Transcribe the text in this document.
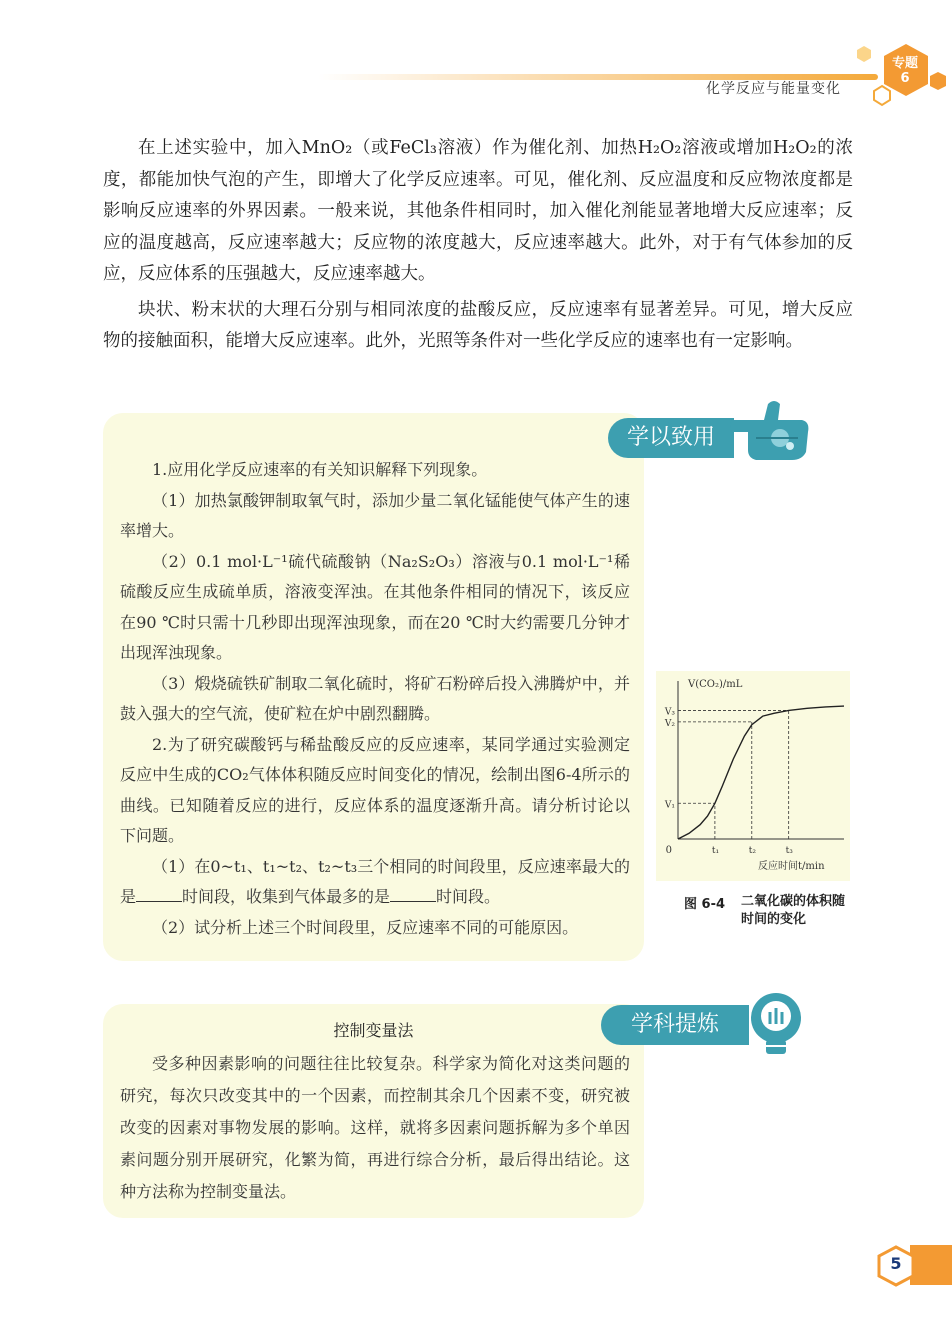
化学反应与能量变化
专题
6

在上述实验中，加入MnO₂（或FeCl₃溶液）作为催化剂、加热H₂O₂溶液或增加H₂O₂的浓度，都能加快气泡的产生，即增大了化学反应速率。可见，催化剂、反应温度和反应物浓度都是影响反应速率的外界因素。一般来说，其他条件相同时，加入催化剂能显著地增大反应速率；反应的温度越高，反应速率越大；反应物的浓度越大，反应速率越大。此外，对于有气体参加的反应，反应体系的压强越大，反应速率越大。

块状、粉末状的大理石分别与相同浓度的盐酸反应，反应速率有显著差异。可见，增大反应物的接触面积，能增大反应速率。此外，光照等条件对一些化学反应的速率也有一定影响。

1.应用化学反应速率的有关知识解释下列现象。

（1）加热氯酸钾制取氧气时，添加少量二氧化锰能使气体产生的速率增大。

（2）0.1 mol·L⁻¹硫代硫酸钠（Na₂S₂O₃）溶液与0.1 mol·L⁻¹稀硫酸反应生成硫单质，溶液变浑浊。在其他条件相同的情况下，该反应在90 ℃时只需十几秒即出现浑浊现象，而在20 ℃时大约需要几分钟才出现浑浊现象。

（3）煅烧硫铁矿制取二氧化硫时，将矿石粉碎后投入沸腾炉中，并鼓入强大的空气流，使矿粒在炉中剧烈翻腾。

2.为了研究碳酸钙与稀盐酸反应的反应速率，某同学通过实验测定反应中生成的CO₂气体体积随反应时间变化的情况，绘制出图6-4所示的曲线。已知随着反应的进行，反应体系的温度逐渐升高。请分析讨论以下问题。

（1）在0~t₁、t₁~t₂、t₂~t₃三个相同的时间段里，反应速率最大的是	时间段，收集到气体最多的是	时间段。

（2）试分析上述三个时间段里，反应速率不同的可能原因。

学以致用
V(CO₂)/mL
反应时间t/min
0	t₁	t₂	t₃
V₁
V₂
V₃
图 6-4 二氧化碳的体积随时间的变化
控制变量法

受多种因素影响的问题往往比较复杂。科学家为简化对这类问题的研究，每次只改变其中的一个因素，而控制其余几个因素不变，研究被改变的因素对事物发展的影响。这样，就将多因素问题拆解为多个单因素问题分别开展研究，化繁为简，再进行综合分析，最后得出结论。这种方法称为控制变量法。

学科提炼
5
